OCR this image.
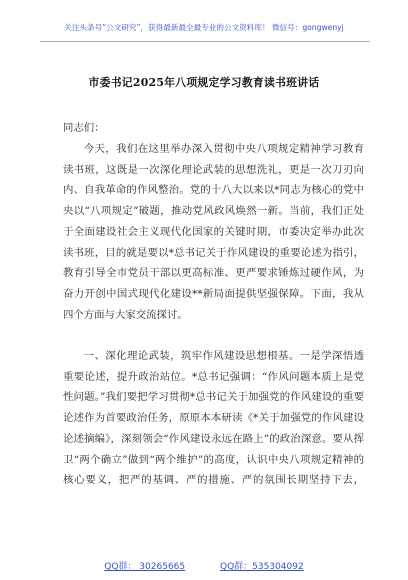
关注头条号“公文研究”，获得最新最全最专业的公文资料库！ 微信号：gongwenyj
市委书记2025年八项规定学习教育读书班讲话
同志们：

今天，我们在这里举办深入贯彻中央八项规定精神学习教育读书班，这既是一次深化理论武装的思想洗礼，更是一次刀刃向内、自我革命的作风整治。党的十八大以来以*同志为核心的党中央以“八项规定”破题，推动党风政风焕然一新。当前，我们正处于全面建设社会主义现代化国家的关键时期，市委决定举办此次读书班，目的就是要以*总书记关于作风建设的重要论述为指引，教育引导全市党员干部以更高标准、更严要求锤炼过硬作风，为奋力开创中国式现代化建设**新局面提供坚强保障。下面，我从四个方面与大家交流探讨。

一、深化理论武装，筑牢作风建设思想根基。一是学深悟透重要论述，提升政治站位。*总书记强调：“作风问题本质上是党性问题。”我们要把学习贯彻*总书记关于加强党的作风建设的重要论述作为首要政治任务，原原本本研读《*关于加强党的作风建设论述摘编》，深刻领会“作风建设永远在路上”的政治深意。要从挥卫“两个确立”做到“两个维护”的高度，认识中央八项规定精神的核心要义，把严的基调、严的措施、严的氛围长期坚持下去，

QQ群： 30265665	QQ群：535304092
